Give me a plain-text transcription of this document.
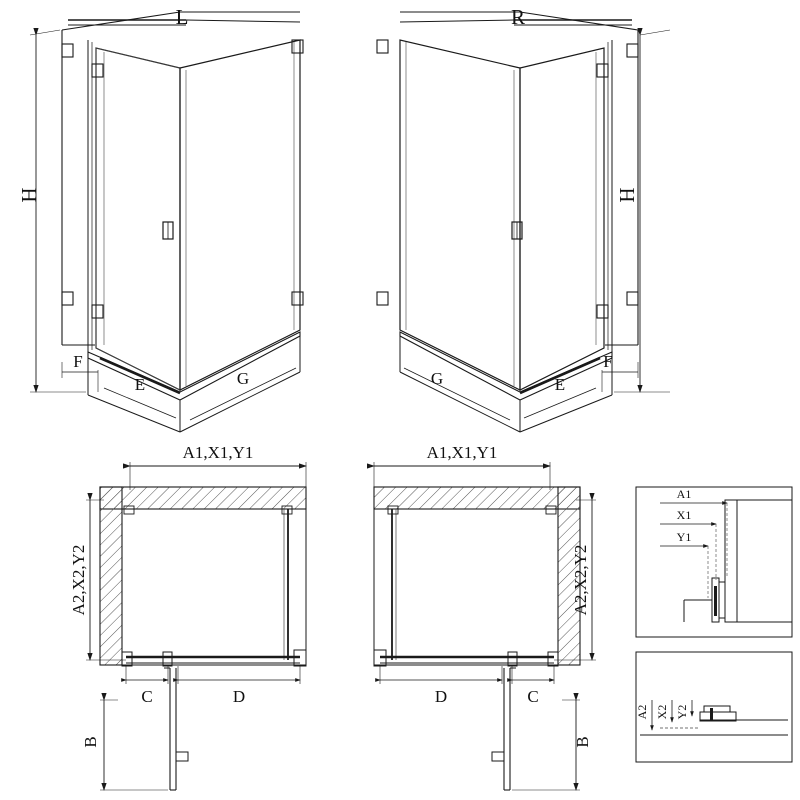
H
F
E	G
L
H
F
E
G
R
A1,X1,Y1
A2,X2,Y2
C	D
B
A1,X1,Y1
A2,X2,Y2
C
D
B
A1
X1
Y1
A2 X2 Y2
